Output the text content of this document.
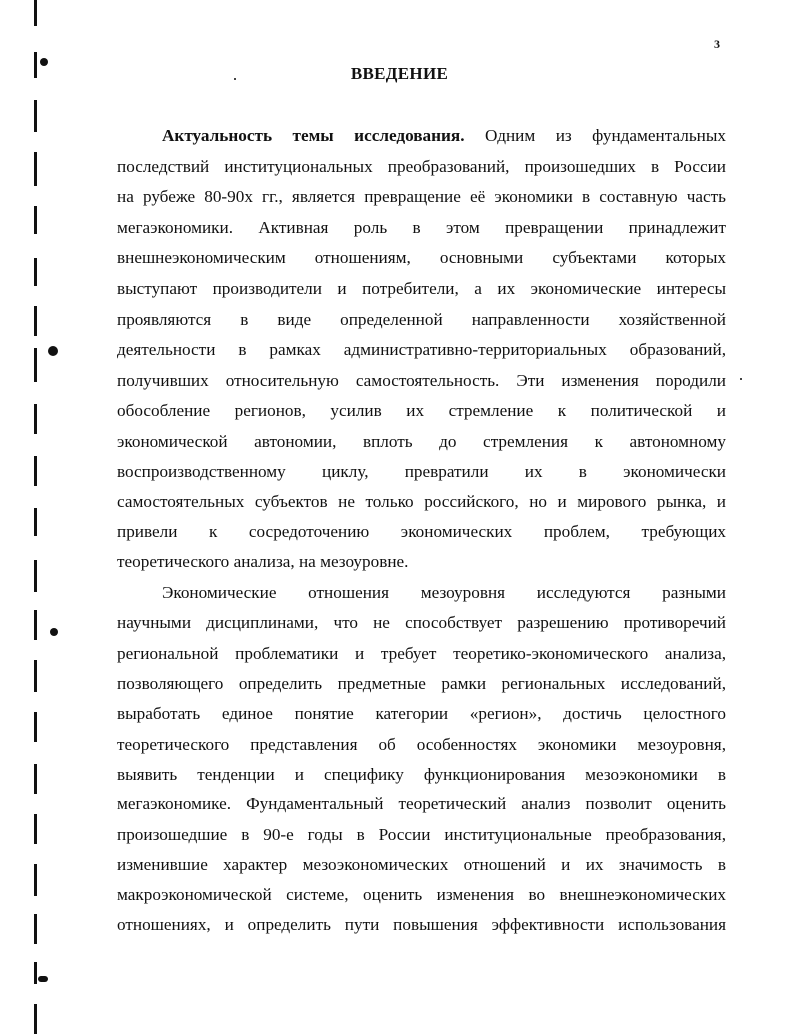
3
ВВЕДЕНИЕ
Актуальность темы исследования. Одним из фундаментальных
последствий институциональных преобразований, произошедших в России
на рубеже 80-90х гг., является превращение её экономики в составную часть
мегаэкономики. Активная роль в этом превращении принадлежит
внешнеэкономическим отношениям, основными субъектами которых
выступают производители и потребители, а их экономические интересы
проявляются в виде определенной направленности хозяйственной
деятельности в рамках административно-территориальных образований,
получивших относительную самостоятельность. Эти изменения породили
обособление регионов, усилив их стремление к политической и
экономической автономии, вплоть до стремления к автономному
воспроизводственному циклу, превратили их в экономически
самостоятельных субъектов не только российского, но и мирового рынка, и
привели к сосредоточению экономических проблем, требующих
теоретического анализа, на мезоуровне.
Экономические отношения мезоуровня исследуются разными
научными дисциплинами, что не способствует разрешению противоречий
региональной проблематики и требует теоретико-экономического анализа,
позволяющего определить предметные рамки региональных исследований,
выработать единое понятие категории «регион», достичь целостного
теоретического представления об особенностях экономики мезоуровня,
выявить тенденции и специфику функционирования мезоэкономики в
мегаэкономике. Фундаментальный теоретический анализ позволит оценить
произошедшие в 90-е годы в России институциональные преобразования,
изменившие характер мезоэкономических отношений и их значимость в
макроэкономической системе, оценить изменения во внешнеэкономических
отношениях, и определить пути повышения эффективности использования
